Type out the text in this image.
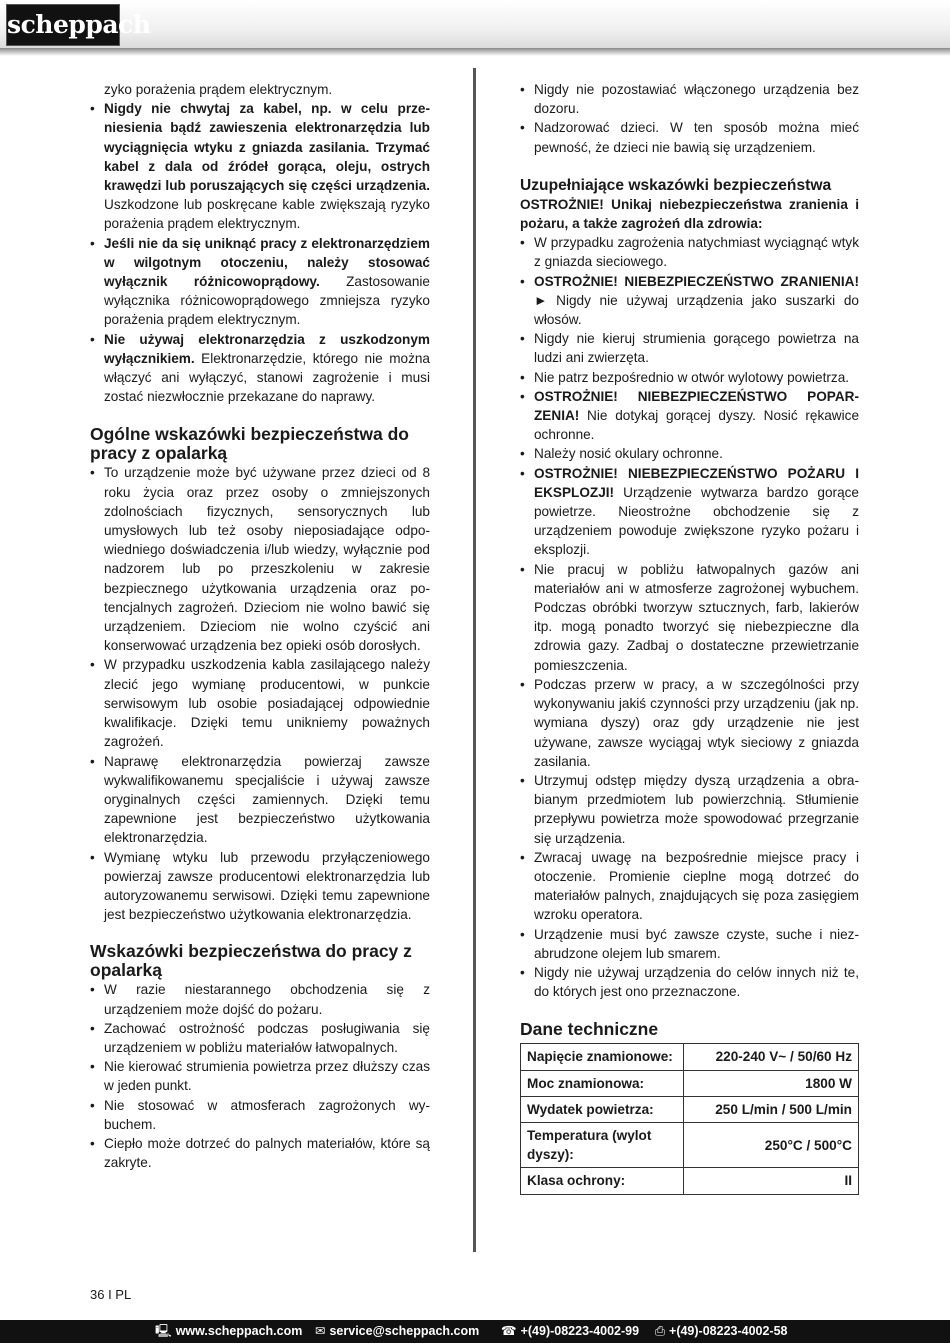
scheppach
zyko porażenia prądem elektrycznym.
• Nigdy nie chwytaj za kabel, np. w celu przeniesienia bądź zawieszenia elektronarzędzia lub wyciągnięcia wtyku z gniazda zasilania. Trzymać kabel z dala od źródeł gorąca, oleju, ostrych krawędzi lub poruszających się części urządzenia. Uszkodzone lub poskręcane kable zwiększają ryzyko porażenia prądem elektrycznym.
• Jeśli nie da się uniknąć pracy z elektronarzędziem w wilgotnym otoczeniu, należy stosować wyłącznik różnicowoprądowy. Zastosowanie wyłącznika różnicowoprądowego zmniejsza ryzyko porażenia prądem elektrycznym.
• Nie używaj elektronarzędzia z uszkodzonym wyłącznikiem. Elektronarzędzie, którego nie można włączyć ani wyłączyć, stanowi zagrożenie i musi zostać niezwłocznie przekazane do naprawy.
Ogólne wskazówki bezpieczeństwa do pracy z opalarką
• To urządzenie może być używane przez dzieci od 8 roku życia oraz przez osoby o zmniejszonych zdolnościach fizycznych, sensorycznych lub umysłowych lub też osoby nieposiadające odpowiedniego doświadczenia i/lub wiedzy, wyłącznie pod nadzorem lub po przeszkoleniu w zakresie bezpiecznego użytkowania urządzenia oraz potencjalnych zagrożeń. Dzieciom nie wolno bawić się urządzeniem. Dzieciom nie wolno czyścić ani konserwować urządzenia bez opieki osób dorosłych.
• W przypadku uszkodzenia kabla zasilającego należy zlecić jego wymianę producentowi, w punkcie serwisowym lub osobie posiadającej odpowiednie kwalifikacje. Dzięki temu unikniemy poważnych zagrożeń.
• Naprawę elektronarzędzia powierzaj zawsze wykwalifikowanemu specjaliście i używaj zawsze oryginalnych części zamiennych. Dzięki temu zapewnione jest bezpieczeństwo użytkowania elektronarzędzia.
• Wymianę wtyku lub przewodu przyłączeniowego powierzaj zawsze producentowi elektronarzędzia lub autoryzowanemu serwisowi. Dzięki temu zapewnione jest bezpieczeństwo użytkowania elektronarzędzia.
Wskazówki bezpieczeństwa do pracy z opalarką
• W razie niestarannego obchodzenia się z urządzeniem może dojść do pożaru.
• Zachować ostrożność podczas posługiwania się urządzeniem w pobliżu materiałów łatwopalnych.
• Nie kierować strumienia powietrza przez dłuższy czas w jeden punkt.
• Nie stosować w atmosferach zagrożonych wybuchem.
• Ciepło może dotrzeć do palnych materiałów, które są zakryte.
• Nigdy nie pozostawiać włączonego urządzenia bez dozoru.
• Nadzorować dzieci. W ten sposób można mieć pewność, że dzieci nie bawią się urządzeniem.
Uzupełniające wskazówki bezpieczeństwa
OSTROŻNIE! Unikaj niebezpieczeństwa zranienia i pożaru, a także zagrożeń dla zdrowia:
• W przypadku zagrożenia natychmiast wyciągnąć wtyk z gniazda sieciowego.
• OSTROŻNIE! NIEBEZPIECZEŃSTWO ZRANIENIA! ► Nigdy nie używaj urządzenia jako suszarki do włosów.
• Nigdy nie kieruj strumienia gorącego powietrza na ludzi ani zwierzęta.
• Nie patrz bezpośrednio w otwór wylotowy powietrza.
• OSTROŻNIE! NIEBEZPIECZEŃSTWO POPARZENIA! Nie dotykaj gorącej dyszy. Nosić rękawice ochronne.
• Należy nosić okulary ochronne.
• OSTROŻNIE! NIEBEZPIECZEŃSTWO POŻARU I EKSPLOZJI! Urządzenie wytwarza bardzo gorące powietrze. Nieostrożne obchodzenie się z urządzeniem powoduje zwiększone ryzyko pożaru i eksplozji.
• Nie pracuj w pobliżu łatwopalnych gazów ani materiałów ani w atmosferze zagrożonej wybuchem. Podczas obróbki tworzyw sztucznych, farb, lakierów itp. mogą ponadto tworzyć się niebezpieczne dla zdrowia gazy. Zadbaj o dostateczne przewietrzanie pomieszczenia.
• Podczas przerw w pracy, a w szczególności przy wykonywaniu jakiś czynności przy urządzeniu (jak np. wymiana dyszy) oraz gdy urządzenie nie jest używane, zawsze wyciągaj wtyk sieciowy z gniazda zasilania.
• Utrzymuj odstęp między dyszą urządzenia a obrabianym przedmiotem lub powierzchnią. Stłumienie przepływu powietrza może spowodować przegrzanie się urządzenia.
• Zwracaj uwagę na bezpośrednie miejsce pracy i otoczenie. Promienie cieplne mogą dotrzeć do materiałów palnych, znajdujących się poza zasięgiem wzroku operatora.
• Urządzenie musi być zawsze czyste, suche i niezabrudzone olejem lub smarem.
• Nigdy nie używaj urządzenia do celów innych niż te, do których jest ono przeznaczone.
Dane techniczne
Napięcie znamionowe:	220-240 V~ / 50/60 Hz
Moc znamionowa:	1800 W
Wydatek powietrza:	250 L/min / 500 L/min
Temperatura (wylot dyszy):	250°C / 500°C
Klasa ochrony:	II
36 I PL
🖳 www.scheppach.com ✉ service@scheppach.com ☎ +(49)-08223-4002-99 ⎙ +(49)-08223-4002-58
